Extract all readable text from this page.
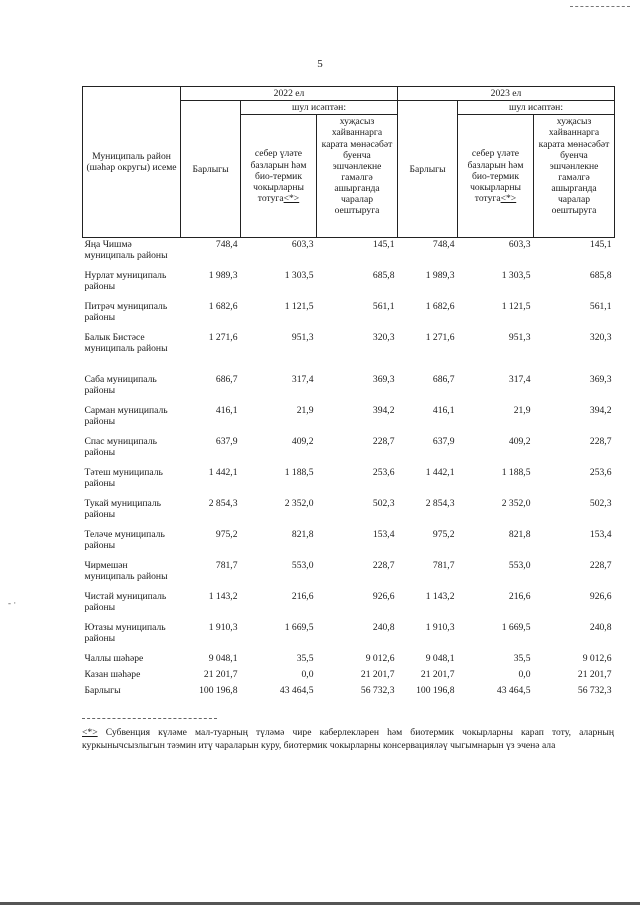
5
- ·
Муниципаль район (шәһәр округы) исеме	2022 ел			2023 ел		
	Барлыгы	шул исәптән:		Барлыгы	шул исәптән:	
		себер үләте базларын һәм био-термик чокырларны тотуга<*>	хуҗасыз хайваннарга карата мөнәсәбәт буенча эшчәнлекне гамәлгә ашырганда чаралар оештыруга		себер үләте базларын һәм био-термик чокырларны тотуга<*>	хуҗасыз хайваннарга карата мөнәсәбәт буенча эшчәнлекне гамәлгә ашырганда чаралар оештыруга
Яңа Чишмә муниципаль районы	748,4	603,3	145,1	748,4	603,3	145,1
Нурлат муниципаль районы	1 989,3	1 303,5	685,8	1 989,3	1 303,5	685,8
Питрәч муниципаль районы	1 682,6	1 121,5	561,1	1 682,6	1 121,5	561,1
Балык Бистәсе муниципаль районы	1 271,6	951,3	320,3	1 271,6	951,3	320,3
Саба муниципаль районы	686,7	317,4	369,3	686,7	317,4	369,3
Сарман муниципаль районы	416,1	21,9	394,2	416,1	21,9	394,2
Спас муниципаль районы	637,9	409,2	228,7	637,9	409,2	228,7
Тәтеш муниципаль районы	1 442,1	1 188,5	253,6	1 442,1	1 188,5	253,6
Тукай муниципаль районы	2 854,3	2 352,0	502,3	2 854,3	2 352,0	502,3
Теләче муниципаль районы	975,2	821,8	153,4	975,2	821,8	153,4
Чирмешән муниципаль районы	781,7	553,0	228,7	781,7	553,0	228,7
Чистай муниципаль районы	1 143,2	216,6	926,6	1 143,2	216,6	926,6
Ютазы муниципаль районы	1 910,3	1 669,5	240,8	1 910,3	1 669,5	240,8
Чаллы шәһәре	9 048,1	35,5	9 012,6	9 048,1	35,5	9 012,6
Казан шәһәре	21 201,7	0,0	21 201,7	21 201,7	0,0	21 201,7
Барлыгы	100 196,8	43 464,5	56 732,3	100 196,8	43 464,5	56 732,3
<*> Субвенция күләме мал-туарның түләмә чире каберлекләрен һәм биотермик чокырларны карап тоту, аларның куркынычсызлыгын тәэмин итү чараларын куру, биотермик чокырларны консервацияләү чыгымнарын үз эченә ала
